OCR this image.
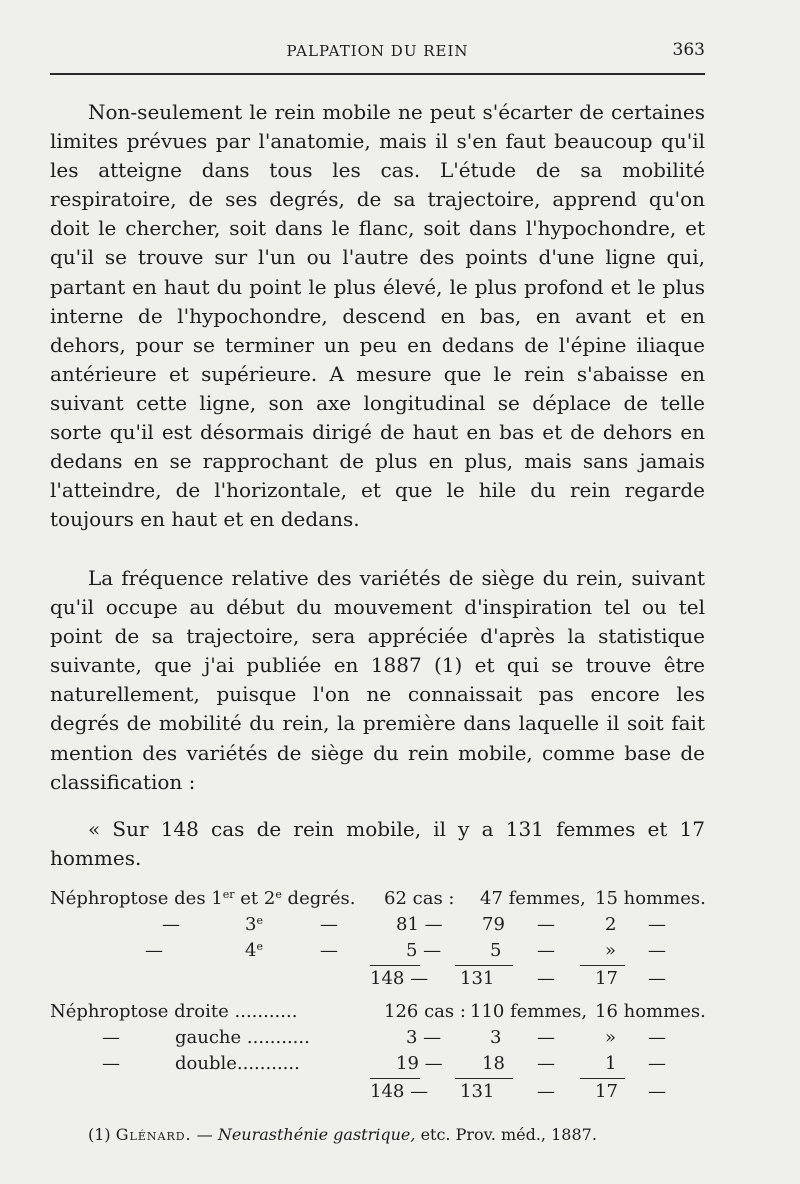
PALPATION DU REIN	363

Non-seulement le rein mobile ne peut s'écarter de certaines limites prévues par l'anatomie, mais il s'en faut beaucoup qu'il les atteigne dans tous les cas. L'étude de sa mobilité respiratoire, de ses degrés, de sa trajectoire, apprend qu'on doit le chercher, soit dans le flanc, soit dans l'hypochondre, et qu'il se trouve sur l'un ou l'autre des points d'une ligne qui, partant en haut du point le plus élevé, le plus profond et le plus interne de l'hypochondre, descend en bas, en avant et en dehors, pour se terminer un peu en dedans de l'épine iliaque antérieure et supérieure. A mesure que le rein s'abaisse en suivant cette ligne, son axe longitudinal se déplace de telle sorte qu'il est désormais dirigé de haut en bas et de dehors en dedans en se rapprochant de plus en plus, mais sans jamais l'atteindre, de l'horizontale, et que le hile du rein regarde toujours en haut et en dedans.

La fréquence relative des variétés de siège du rein, suivant qu'il occupe au début du mouvement d'inspiration tel ou tel point de sa trajectoire, sera appréciée d'après la statistique suivante, que j'ai publiée en 1887 (1) et qui se trouve être naturellement, puisque l'on ne connaissait pas encore les degrés de mobilité du rein, la première dans laquelle il soit fait mention des variétés de siège du rein mobile, comme base de classification :

« Sur 148 cas de rein mobile, il y a 131 femmes et 17 hommes.

Néphroptose des 1er et 2e degrés. 62 cas : 47 femmes, 15 hommes.
—	3e	—	81 — 79 —	2 —
—	4e	—	5 —	5 —	» —
148 — 131 — 17 —
Néphroptose droite ...........	126 cas : 110 femmes, 16 hommes.
—	gauche ...........	3 —	3 —	» —
—	double...........	19 — 18 —	1 —
148 — 131 — 17 —
(1) Glénard. — Neurasthénie gastrique, etc. Prov. méd., 1887.
